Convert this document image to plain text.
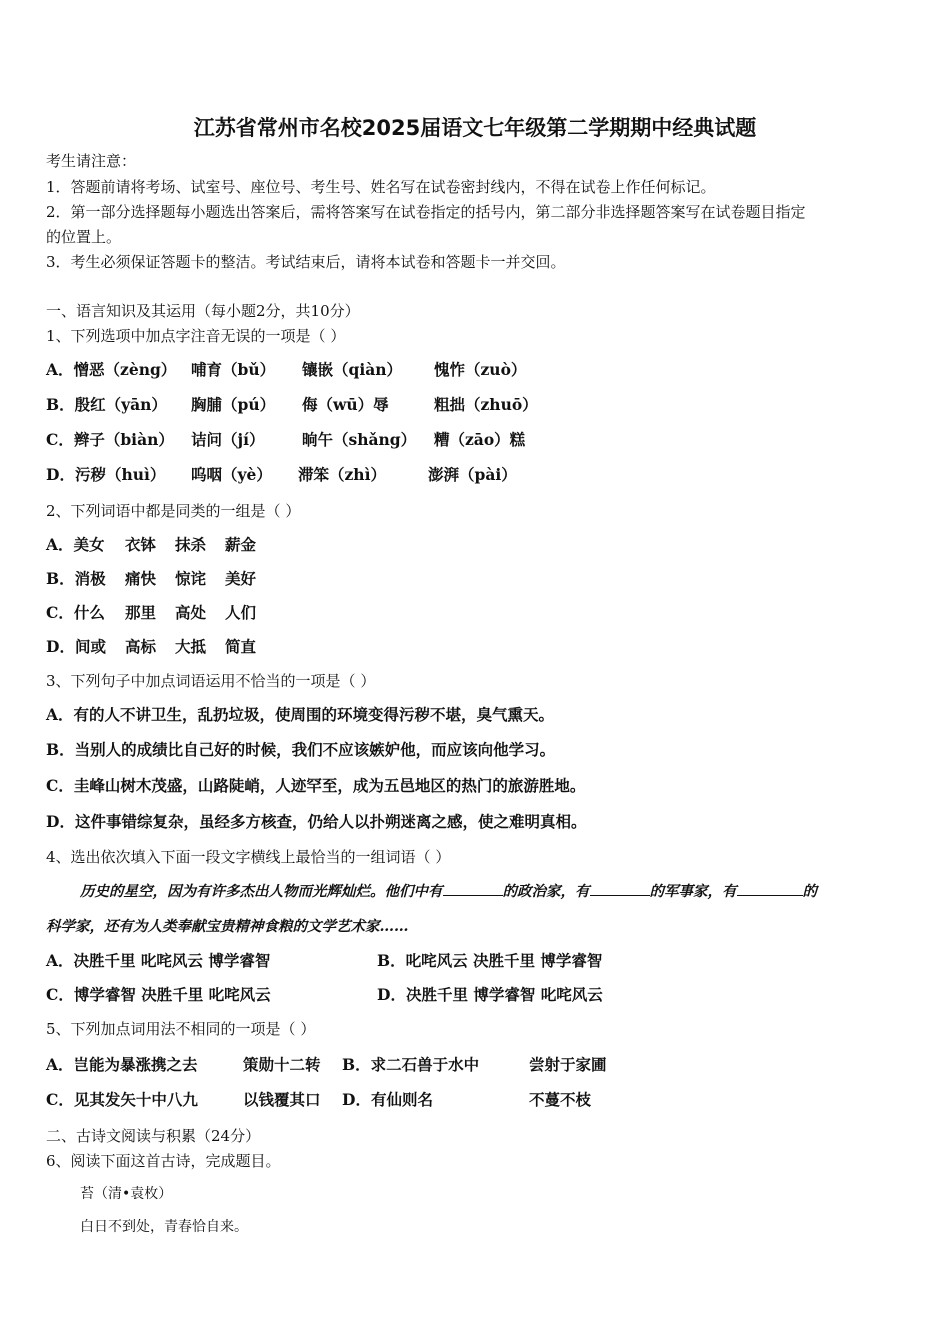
江苏省常州市名校2025届语文七年级第二学期期中经典试题
考生请注意：
1．答题前请将考场、试室号、座位号、考生号、姓名写在试卷密封线内，不得在试卷上作任何标记。
2．第一部分选择题每小题选出答案后，需将答案写在试卷指定的括号内，第二部分非选择题答案写在试卷题目指定
的位置上。
3．考生必须保证答题卡的整洁。考试结束后，请将本试卷和答题卡一并交回。
一、语言知识及其运用（每小题2分，共10分）
1、下列选项中加点字注音无误的一项是（ ）
A．憎恶（zèng） 哺育（bǔ） 镶嵌（qiàn） 愧怍（zuò）
B．殷红（yān） 胸脯（pú） 侮（wū）辱	粗拙（zhuō）
C．辫子（biàn） 诘问（jí） 晌午（shǎng） 糟（zāo）糕
D．污秽（huì） 呜咽（yè） 滞笨（zhì）	澎湃（pài）
2、下列词语中都是同类的一组是（ ）
A．美女 衣钵 抹杀 薪金
B．消极 痛快 惊诧 美好
C．什么 那里 高处 人们
D．间或 高标 大抵 简直
3、下列句子中加点词语运用不恰当的一项是（ ）
A．有的人不讲卫生，乱扔垃圾，使周围的环境变得污秽不堪，臭气熏天。
B．当别人的成绩比自己好的时候，我们不应该嫉妒他，而应该向他学习。
C．圭峰山树木茂盛，山路陡峭，人迹罕至，成为五邑地区的热门的旅游胜地。
D．这件事错综复杂，虽经多方核查，仍给人以扑朔迷离之感，使之难明真相。
4、选出依次填入下面一段文字横线上最恰当的一组词语（ ）
历史的星空，因为有许多杰出人物而光辉灿烂。他们中有	的政治家，有	的军事家，有	的
科学家，还有为人类奉献宝贵精神食粮的文学艺术家……
A．决胜千里 叱咤风云 博学睿智	B．叱咤风云 决胜千里 博学睿智
C．博学睿智 决胜千里 叱咤风云	D．决胜千里 博学睿智 叱咤风云
5、下列加点词用法不相同的一项是（ ）
A．岂能为暴涨携之去	策勋十二转 B．求二石兽于水中	尝射于家圃
C．见其发矢十中八九	以钱覆其口 D．有仙则名	不蔓不枝
二、古诗文阅读与积累（24分）
6、阅读下面这首古诗，完成题目。
苔（清•袁枚）
白日不到处，青春恰自来。
